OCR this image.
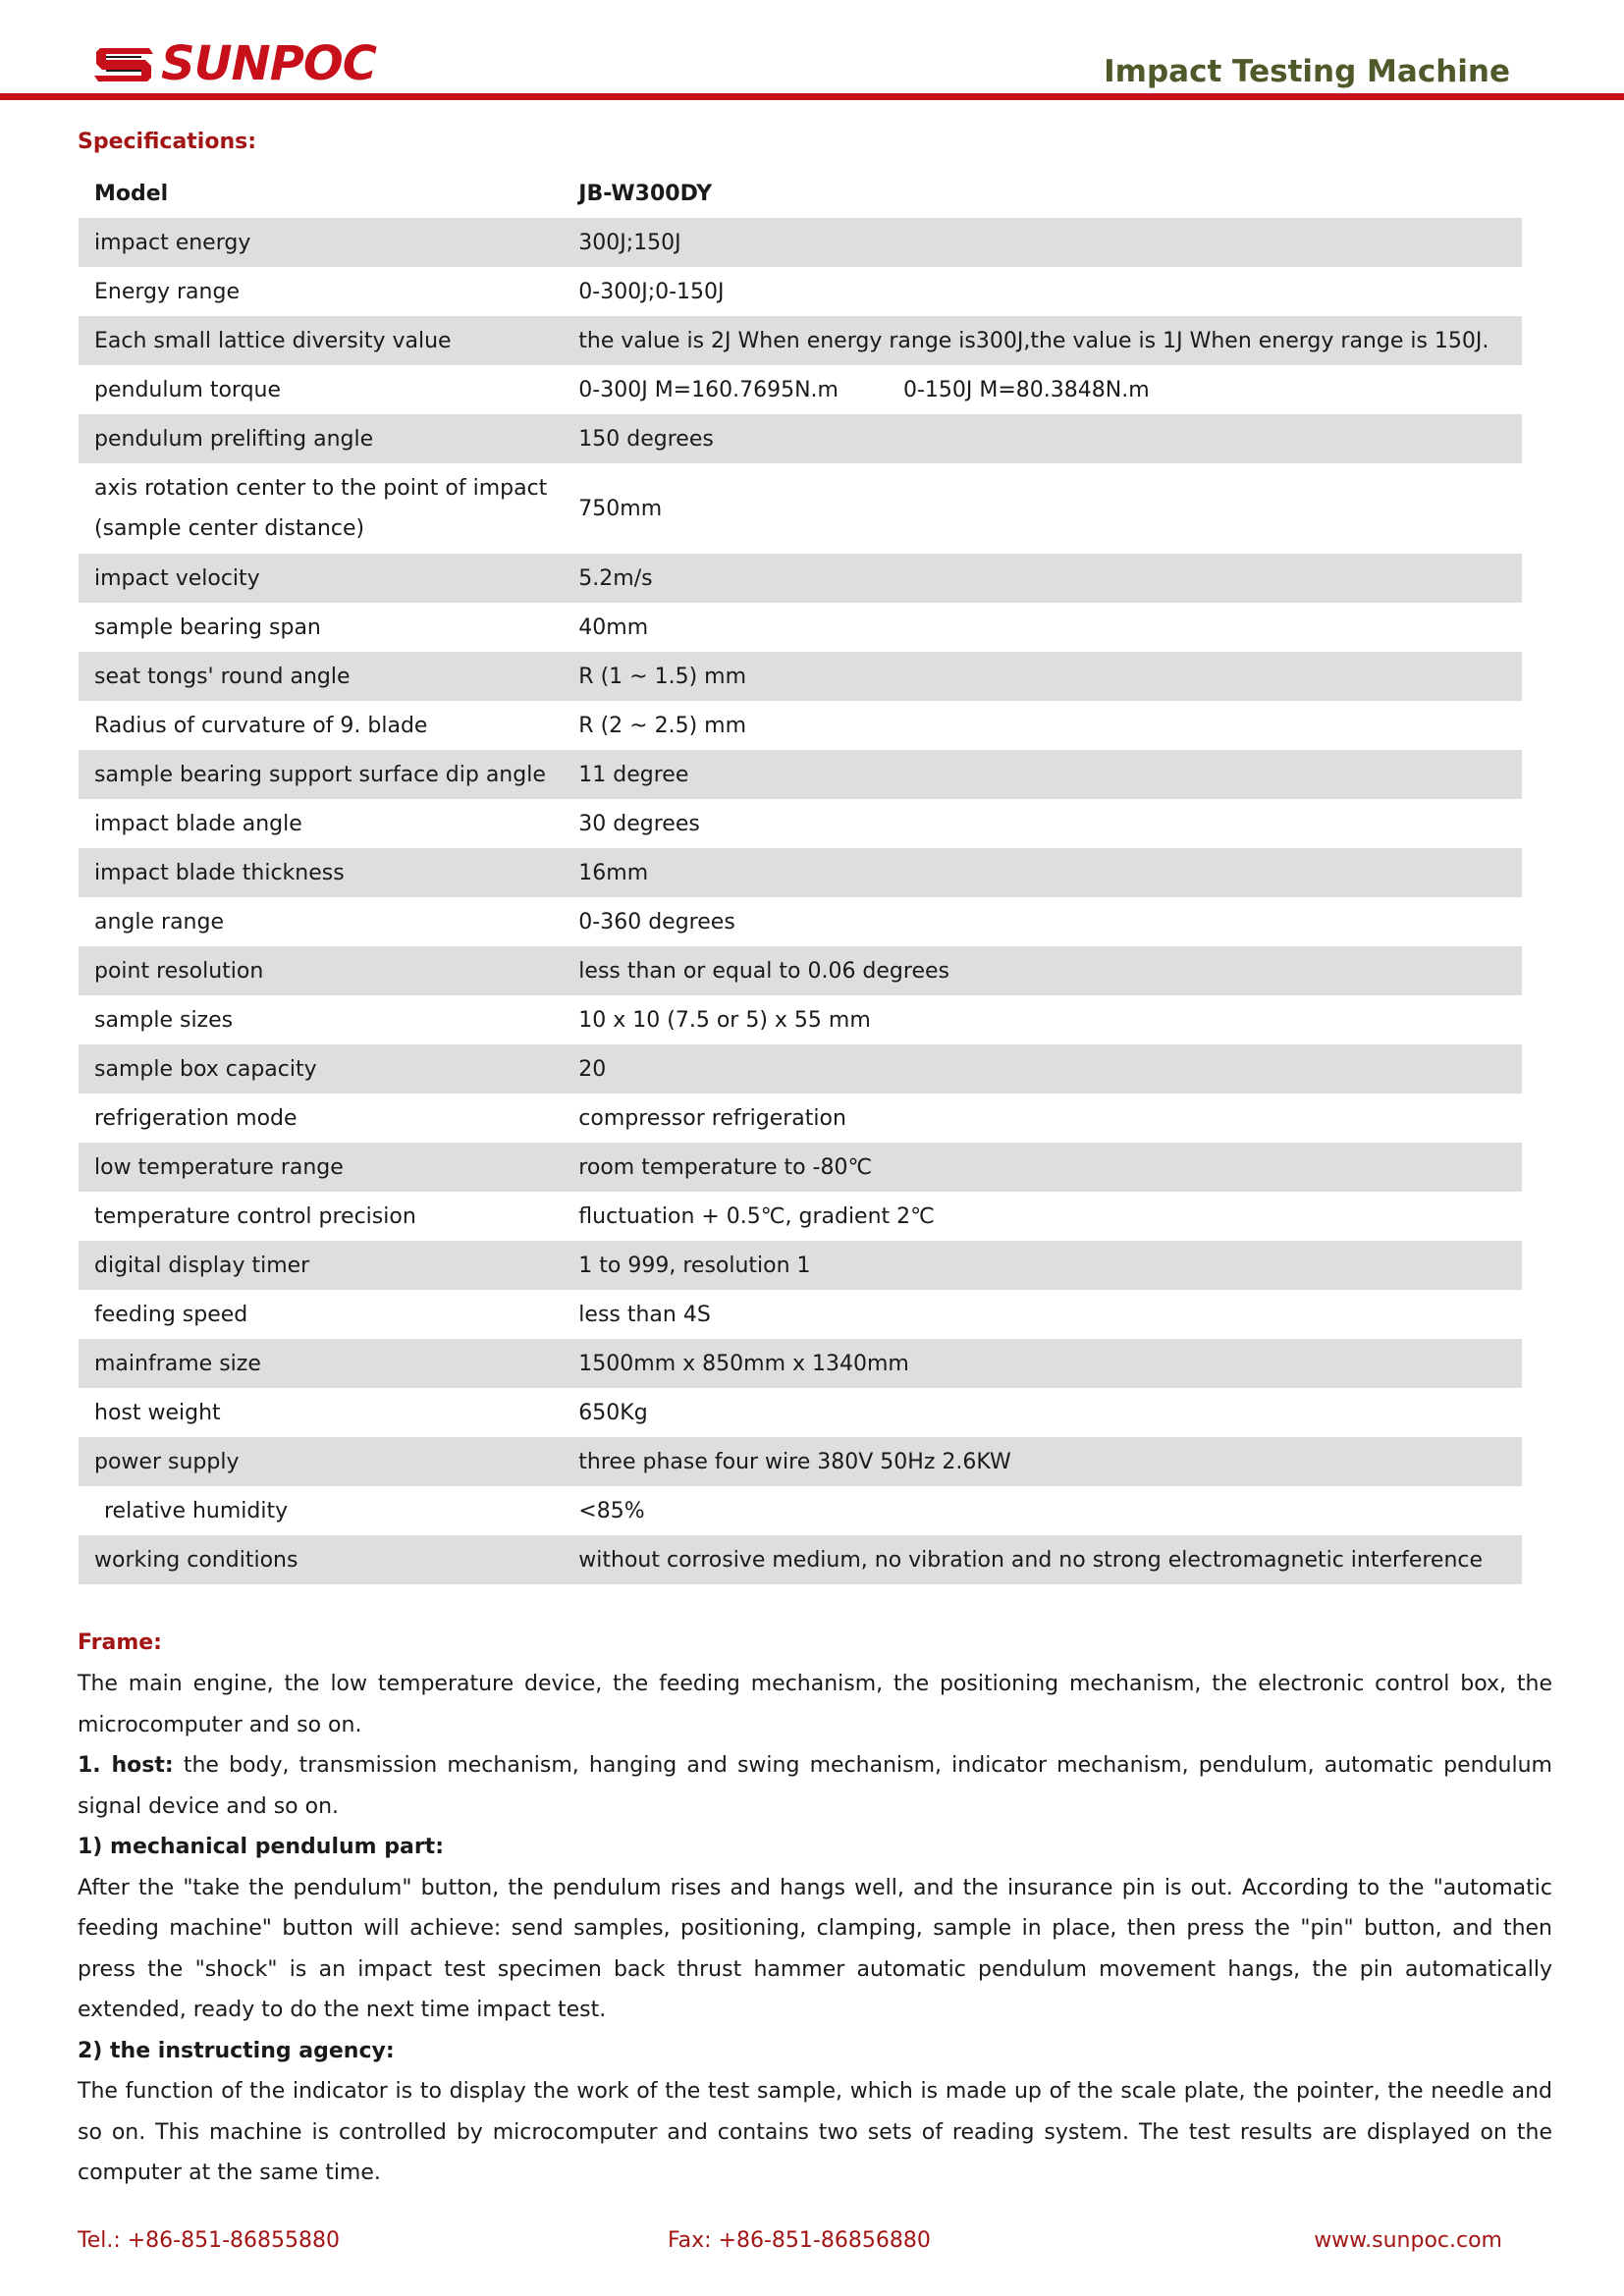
SUNPOC	Impact Testing Machine
Specifications:
Model	JB-W300DY
impact energy	300J;150J
Energy range	0-300J;0-150J
Each small lattice diversity value	the value is 2J When energy range is300J,the value is 1J When energy range is 150J.
pendulum torque	0-300J M=160.7695N.m 0-150J M=80.3848N.m
pendulum prelifting angle	150 degrees
axis rotation center to the point of impact
(sample center distance)	750mm
impact velocity	5.2m/s
sample bearing span	40mm
seat tongs' round angle	R (1 ~ 1.5) mm
Radius of curvature of 9. blade	R (2 ~ 2.5) mm
sample bearing support surface dip angle	11 degree
impact blade angle	30 degrees
impact blade thickness	16mm
angle range	0-360 degrees
point resolution	less than or equal to 0.06 degrees
sample sizes	10 x 10 (7.5 or 5) x 55 mm
sample box capacity	20
refrigeration mode	compressor refrigeration
low temperature range	room temperature to -80℃
temperature control precision	fluctuation + 0.5℃, gradient 2℃
digital display timer	1 to 999, resolution 1
feeding speed	less than 4S
mainframe size	1500mm x 850mm x 1340mm
host weight	650Kg
power supply	three phase four wire 380V 50Hz 2.6KW
relative humidity	<85%
working conditions	without corrosive medium, no vibration and no strong electromagnetic interference
Frame:

The main engine, the low temperature device, the feeding mechanism, the positioning mechanism, the electronic control box, the microcomputer and so on.

1. host: the body, transmission mechanism, hanging and swing mechanism, indicator mechanism, pendulum, automatic pendulum signal device and so on.

1) mechanical pendulum part:

After the "take the pendulum" button, the pendulum rises and hangs well, and the insurance pin is out. According to the "automatic feeding machine" button will achieve: send samples, positioning, clamping, sample in place, then press the "pin" button, and then press the "shock" is an impact test specimen back thrust hammer automatic pendulum movement hangs, the pin automatically extended, ready to do the next time impact test.

2) the instructing agency:

The function of the indicator is to display the work of the test sample, which is made up of the scale plate, the pointer, the needle and so on. This machine is controlled by microcomputer and contains two sets of reading system. The test results are displayed on the computer at the same time.

Tel.: +86-851-86855880	Fax: +86-851-86856880	www.sunpoc.com
